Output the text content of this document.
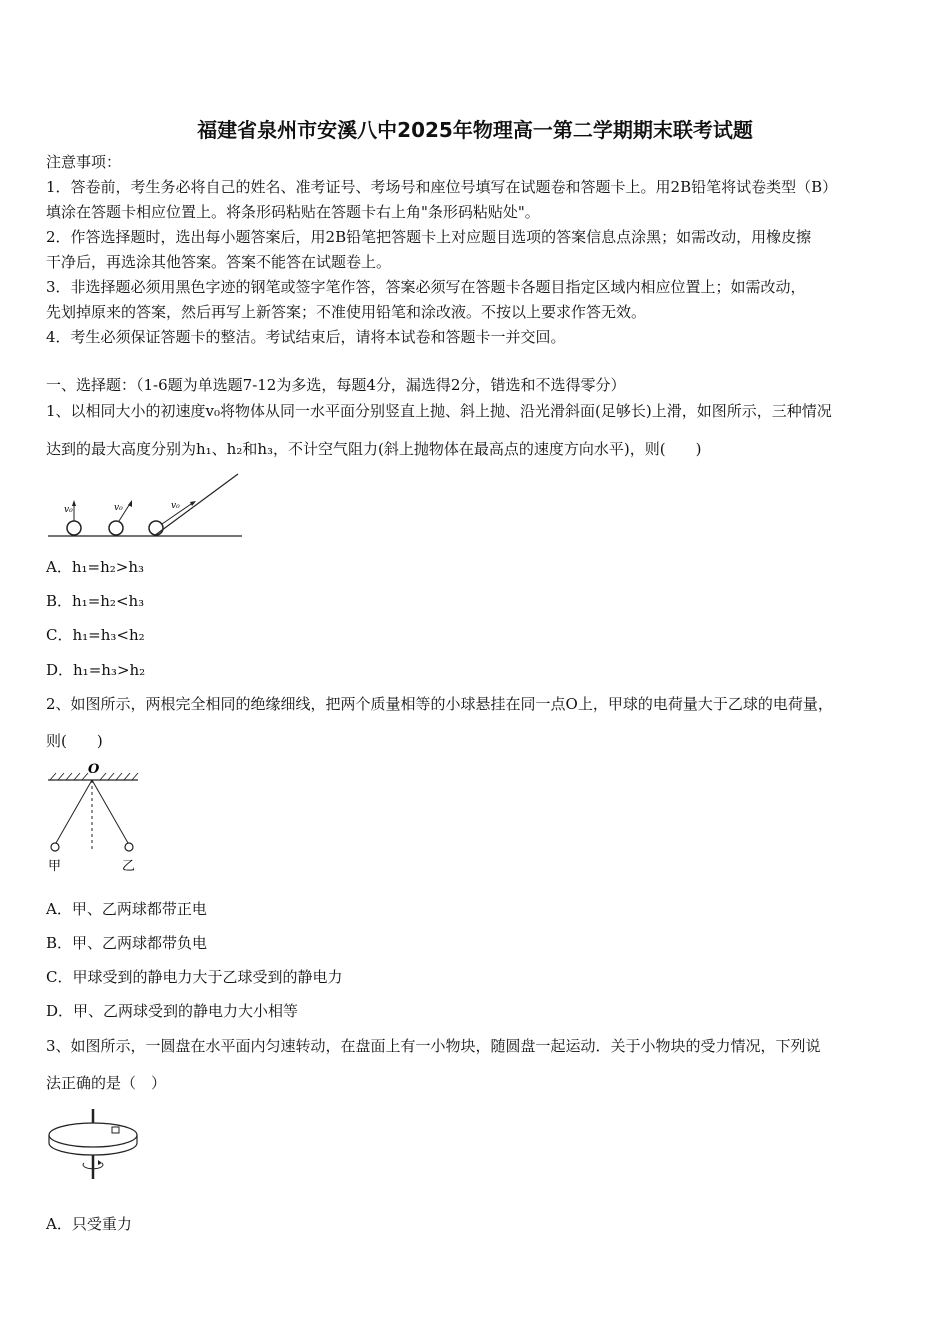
福建省泉州市安溪八中2025年物理高一第二学期期末联考试题
注意事项：
1．答卷前，考生务必将自己的姓名、准考证号、考场号和座位号填写在试题卷和答题卡上。用2B铅笔将试卷类型（B）
填涂在答题卡相应位置上。将条形码粘贴在答题卡右上角"条形码粘贴处"。
2．作答选择题时，选出每小题答案后，用2B铅笔把答题卡上对应题目选项的答案信息点涂黑；如需改动，用橡皮擦
干净后，再选涂其他答案。答案不能答在试题卷上。
3．非选择题必须用黑色字迹的钢笔或签字笔作答，答案必须写在答题卡各题目指定区域内相应位置上；如需改动，
先划掉原来的答案，然后再写上新答案；不准使用铅笔和涂改液。不按以上要求作答无效。
4．考生必须保证答题卡的整洁。考试结束后，请将本试卷和答题卡一并交回。
一、选择题：（1-6题为单选题7-12为多选，每题4分，漏选得2分，错选和不选得零分）
1、以相同大小的初速度v₀将物体从同一水平面分别竖直上抛、斜上抛、沿光滑斜面(足够长)上滑，如图所示，三种情况
达到的最大高度分别为h₁、h₂和h₃，不计空气阻力(斜上抛物体在最高点的速度方向水平)，则(　　)
v₀	v₀	v₀
A．h₁=h₂>h₃
B．h₁=h₂<h₃
C．h₁=h₃<h₂
D．h₁=h₃>h₂
2、如图所示，两根完全相同的绝缘细线，把两个质量相等的小球悬挂在同一点O上，甲球的电荷量大于乙球的电荷量，
则(　　)
O
甲	乙
A．甲、乙两球都带正电
B．甲、乙两球都带负电
C．甲球受到的静电力大于乙球受到的静电力
D．甲、乙两球受到的静电力大小相等
3、如图所示，一圆盘在水平面内匀速转动，在盘面上有一小物块，随圆盘一起运动．关于小物块的受力情况，下列说
法正确的是（　）
A．只受重力
